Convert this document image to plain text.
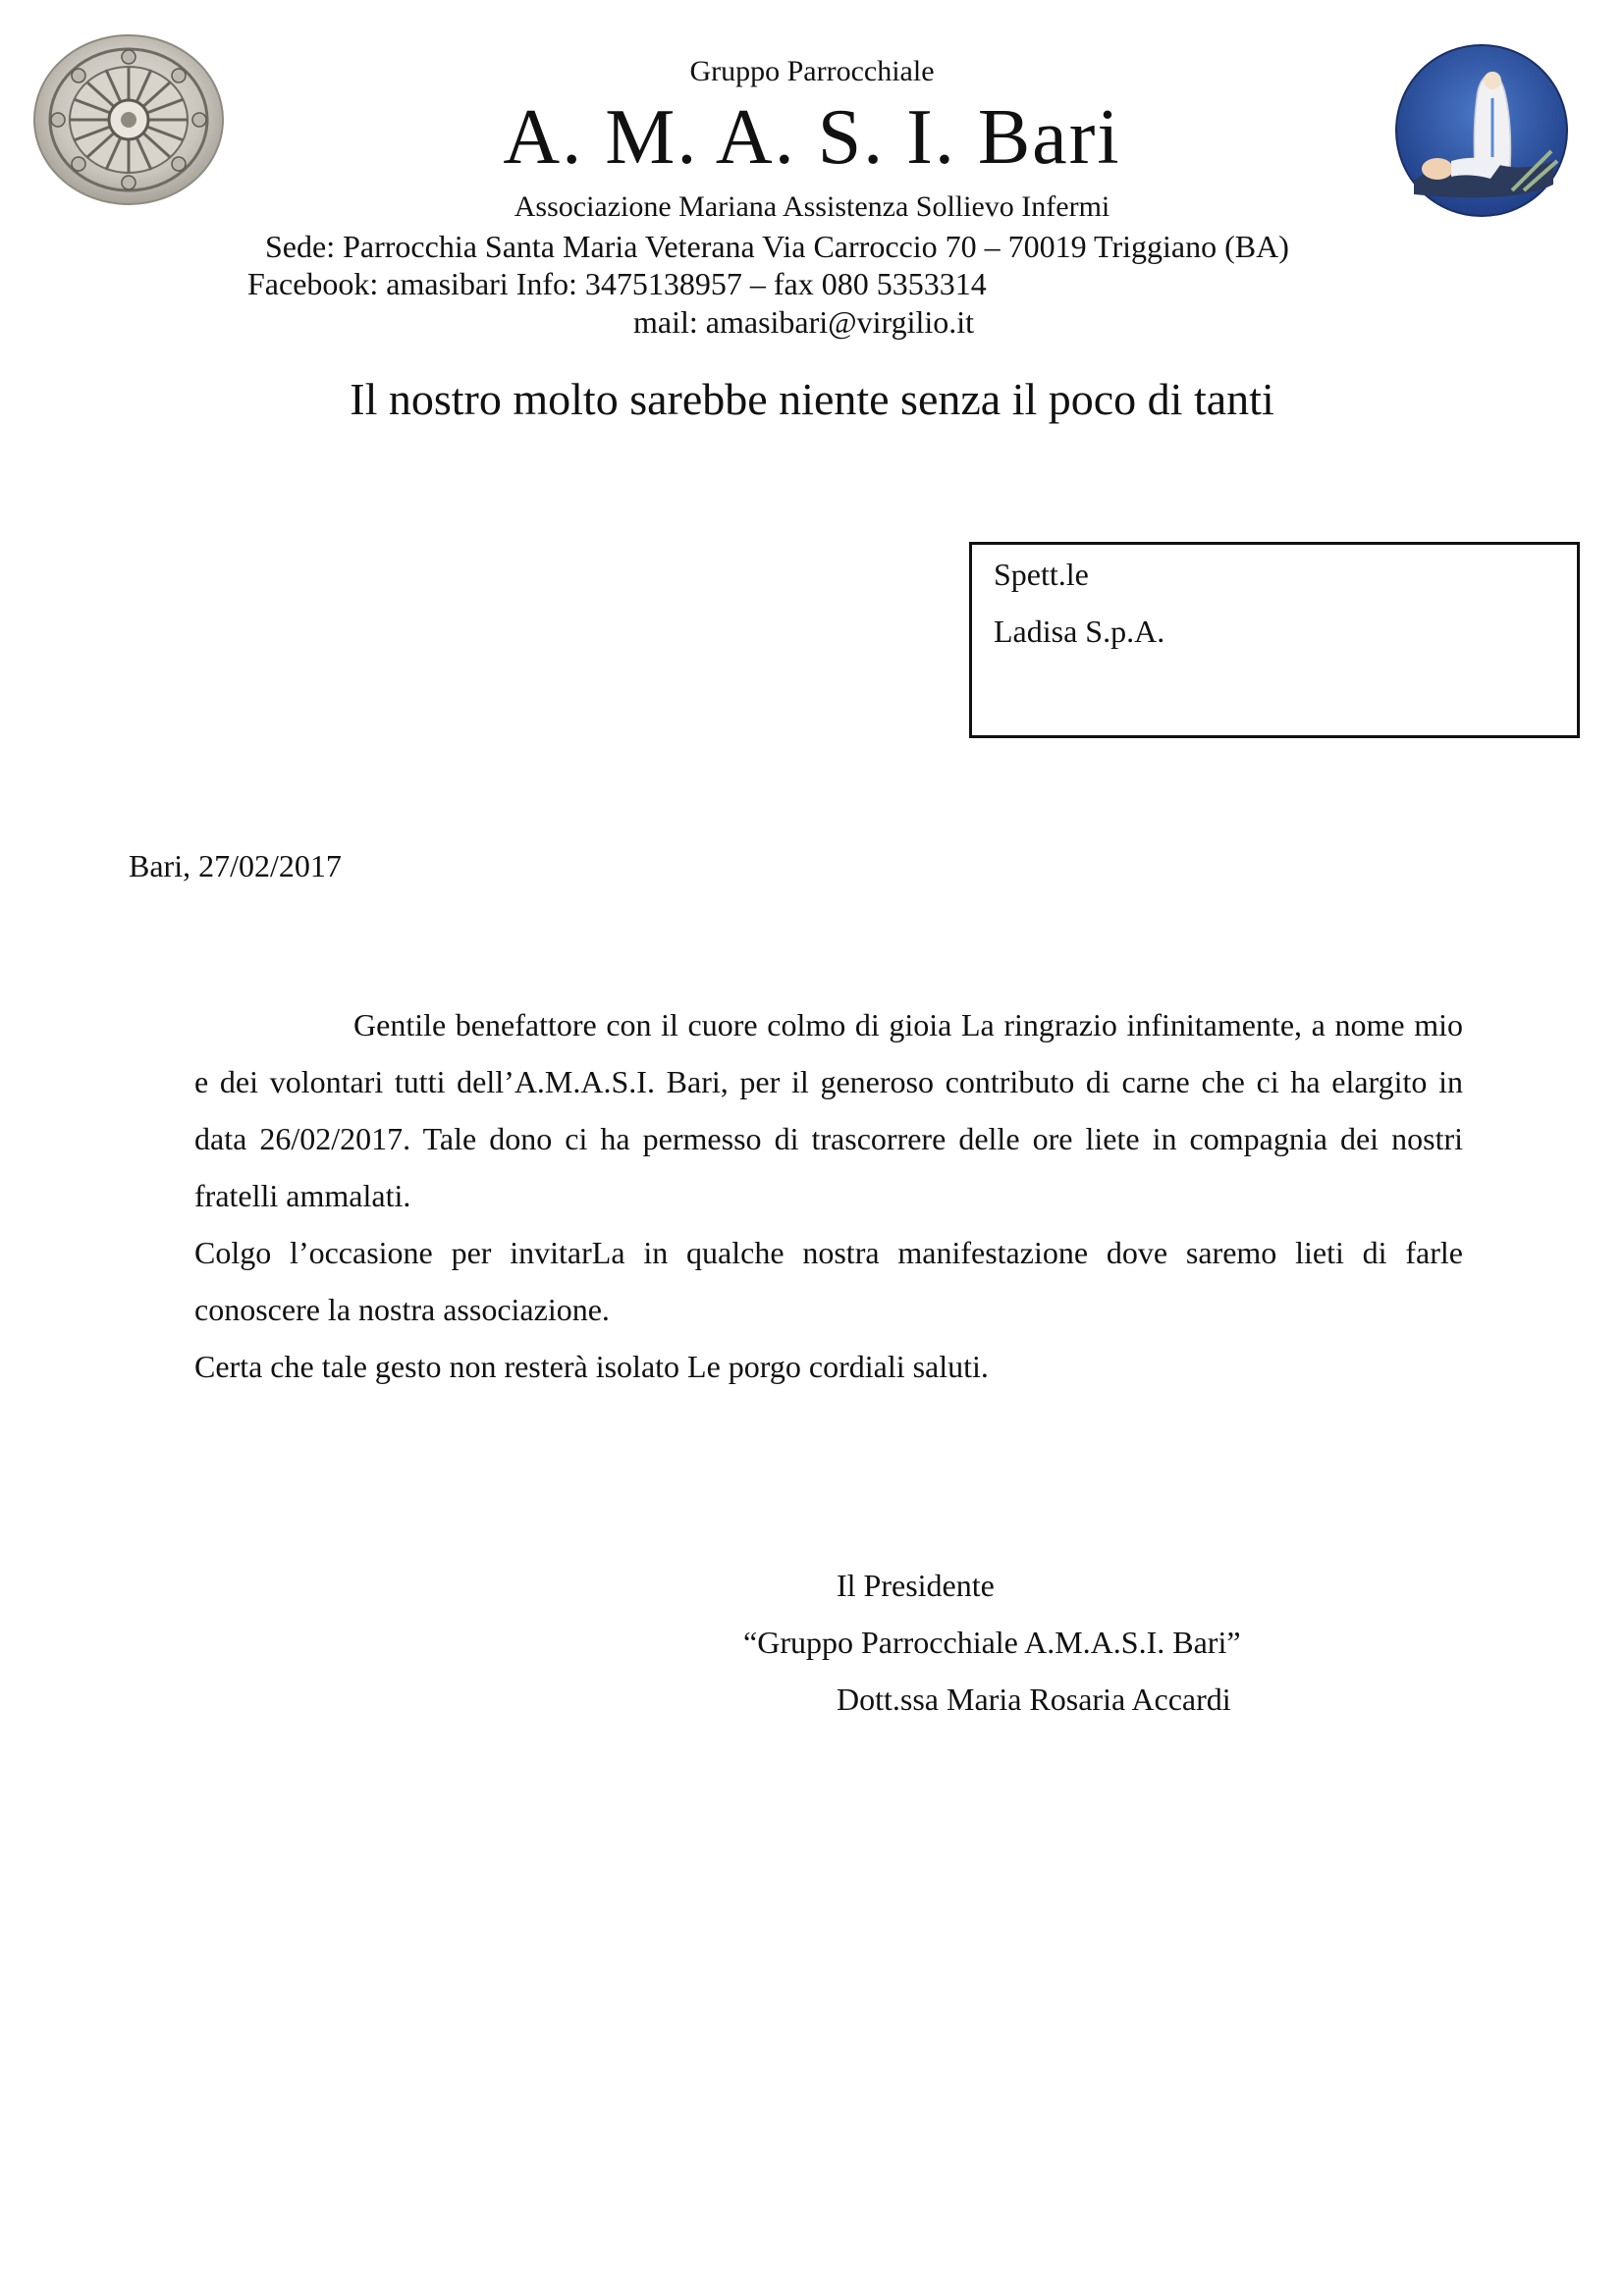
Gruppo Parrocchiale
A. M. A. S. I. Bari
Associazione Mariana Assistenza Sollievo Infermi
Sede: Parrocchia Santa Maria Veterana Via Carroccio 70 – 70019 Triggiano (BA)
Facebook: amasibari Info: 3475138957 – fax 080 5353314
mail: amasibari@virgilio.it
Il nostro molto sarebbe niente senza il poco di tanti
Spett.le
Ladisa S.p.A.
Bari, 27/02/2017

Gentile benefattore con il cuore colmo di gioia La ringrazio infinitamente, a nome mio e dei volontari tutti dell’A.M.A.S.I. Bari, per il generoso contributo di carne che ci ha elargito in data 26/02/2017. Tale dono ci ha permesso di trascorrere delle ore liete in compagnia dei nostri fratelli ammalati.

Colgo l’occasione per invitarLa in qualche nostra manifestazione dove saremo lieti di farle conoscere la nostra associazione.

Certa che tale gesto non resterà isolato Le porgo cordiali saluti.

Il Presidente
“Gruppo Parrocchiale A.M.A.S.I. Bari”
Dott.ssa Maria Rosaria Accardi
